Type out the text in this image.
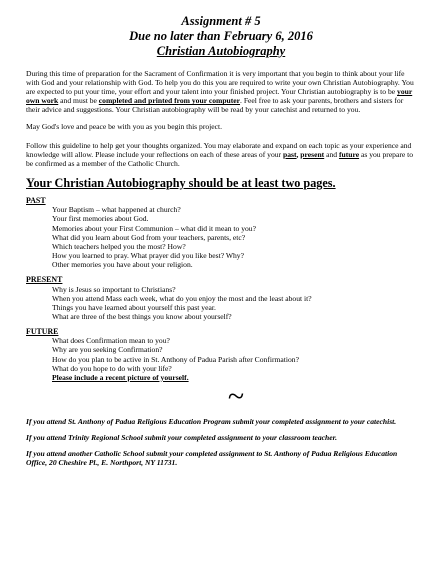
Assignment # 5
Due no later than February 6, 2016
Christian Autobiography

During this time of preparation for the Sacrament of Confirmation it is very important that you begin to think about your life with God and your relationship with God. To help you do this you are required to write your own Christian Autobiography. You are expected to put your time, your effort and your talent into your finished project. Your Christian autobiography is to be your own work and must be completed and printed from your computer. Feel free to ask your parents, brothers and sisters for their advice and suggestions. Your Christian autobiography will be read by your catechist and returned to you.

May God's love and peace be with you as you begin this project.

Follow this guideline to help get your thoughts organized. You may elaborate and expand on each topic as your experience and knowledge will allow. Please include your reflections on each of these areas of your past, present and future as you prepare to be confirmed as a member of the Catholic Church.

Your Christian Autobiography should be at least two pages.
PAST
Your Baptism – what happened at church?
Your first memories about God.
Memories about your First Communion – what did it mean to you?
What did you learn about God from your teachers, parents, etc?
Which teachers helped you the most? How?
How you learned to pray. What prayer did you like best? Why?
Other memories you have about your religion.
PRESENT
Why is Jesus so important to Christians?
When you attend Mass each week, what do you enjoy the most and the least about it?
Things you have learned about yourself this past year.
What are three of the best things you know about yourself?
FUTURE
What does Confirmation mean to you?
Why are you seeking Confirmation?
How do you plan to be active in St. Anthony of Padua Parish after Confirmation?
What do you hope to do with your life?
Please include a recent picture of yourself.
~

If you attend St. Anthony of Padua Religious Education Program submit your completed assignment to your catechist.

If you attend Trinity Regional School submit your completed assignment to your classroom teacher.

If you attend another Catholic School submit your completed assignment to St. Anthony of Padua Religious Education Office, 20 Cheshire Pl., E. Northport, NY 11731.
